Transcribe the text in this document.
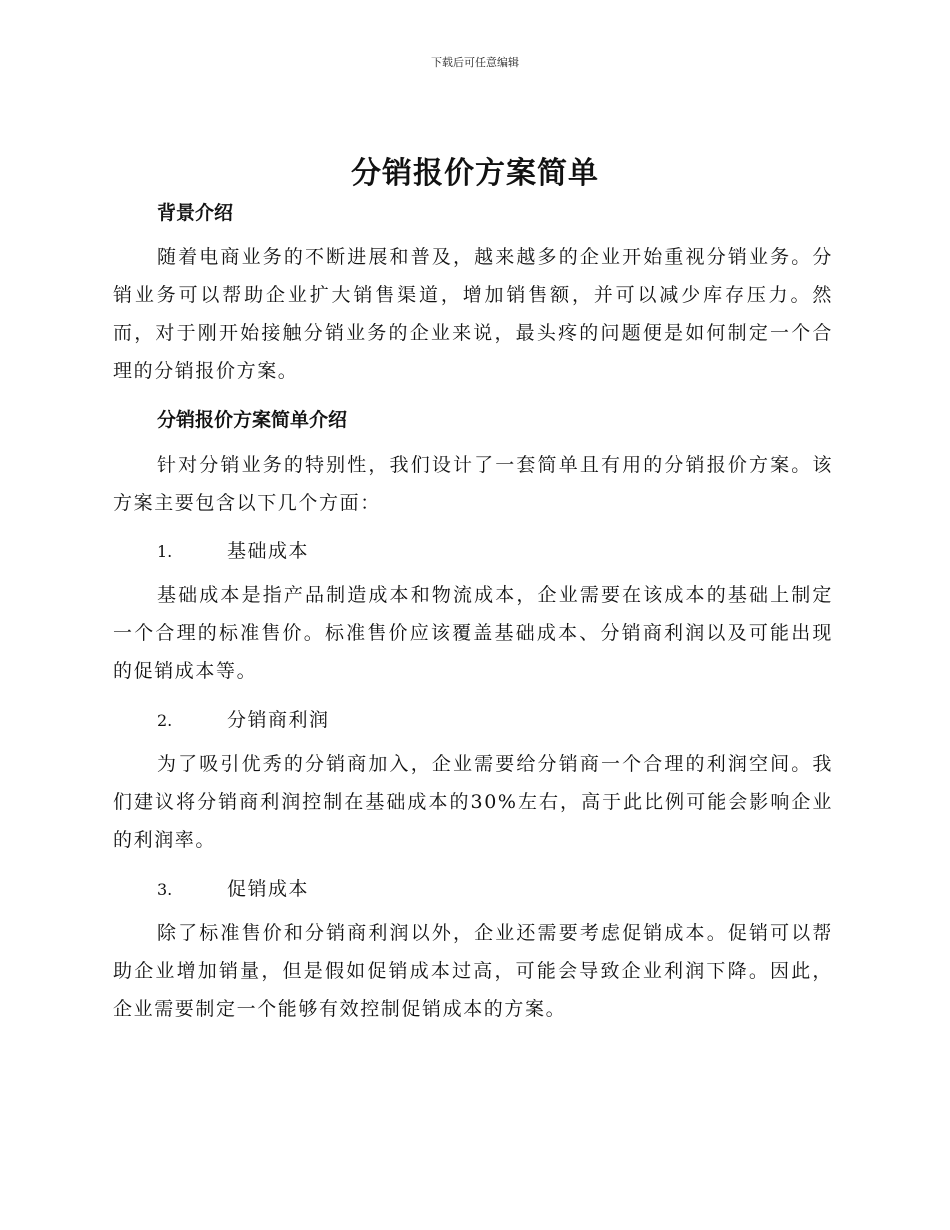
下载后可任意编辑
分销报价方案简单
背景介绍

随着电商业务的不断进展和普及，越来越多的企业开始重视分销业务。分销业务可以帮助企业扩大销售渠道，增加销售额，并可以减少库存压力。然而，对于刚开始接触分销业务的企业来说，最头疼的问题便是如何制定一个合理的分销报价方案。

分销报价方案简单介绍

针对分销业务的特别性，我们设计了一套简单且有用的分销报价方案。该方案主要包含以下几个方面：

1.	基础成本

基础成本是指产品制造成本和物流成本，企业需要在该成本的基础上制定一个合理的标准售价。标准售价应该覆盖基础成本、分销商利润以及可能出现的促销成本等。

2.	分销商利润

为了吸引优秀的分销商加入，企业需要给分销商一个合理的利润空间。我们建议将分销商利润控制在基础成本的30%左右，高于此比例可能会影响企业的利润率。

3.	促销成本

除了标准售价和分销商利润以外，企业还需要考虑促销成本。促销可以帮助企业增加销量，但是假如促销成本过高，可能会导致企业利润下降。因此，企业需要制定一个能够有效控制促销成本的方案。
